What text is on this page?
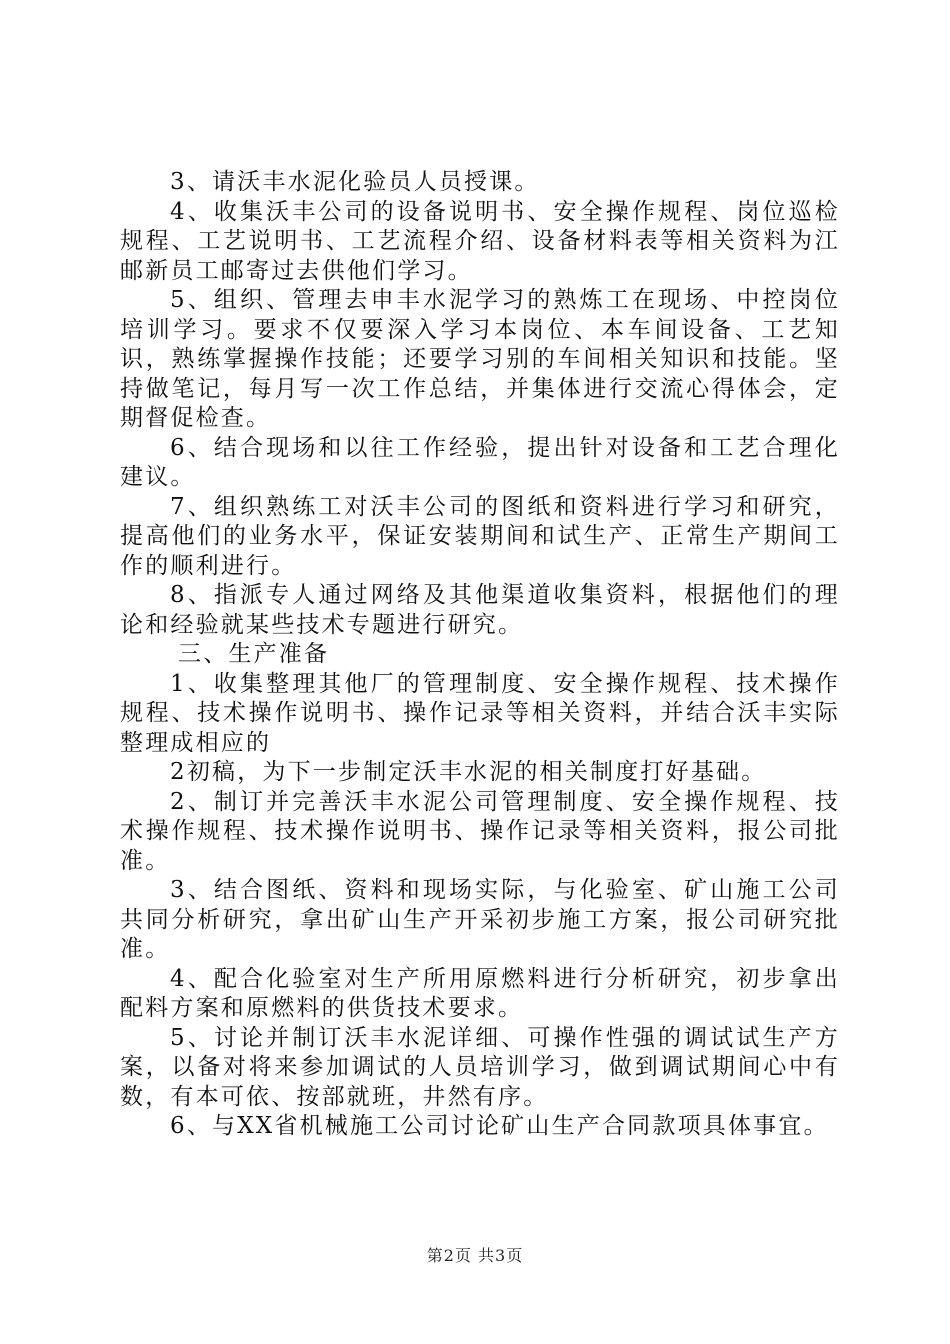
3、请沃丰水泥化验员人员授课。

4、收集沃丰公司的设备说明书、安全操作规程、岗位巡检规程、工艺说明书、工艺流程介绍、设备材料表等相关资料为江邮新员工邮寄过去供他们学习。

5、组织、管理去申丰水泥学习的熟炼工在现场、中控岗位培训学习。要求不仅要深入学习本岗位、本车间设备、工艺知识，熟练掌握操作技能；还要学习别的车间相关知识和技能。坚持做笔记，每月写一次工作总结，并集体进行交流心得体会，定期督促检查。

6、结合现场和以往工作经验，提出针对设备和工艺合理化建议。

7、组织熟练工对沃丰公司的图纸和资料进行学习和研究，提高他们的业务水平，保证安装期间和试生产、正常生产期间工作的顺利进行。

8、指派专人通过网络及其他渠道收集资料，根据他们的理论和经验就某些技术专题进行研究。

三、生产准备

1、收集整理其他厂的管理制度、安全操作规程、技术操作规程、技术操作说明书、操作记录等相关资料，并结合沃丰实际整理成相应的

2初稿，为下一步制定沃丰水泥的相关制度打好基础。

2、制订并完善沃丰水泥公司管理制度、安全操作规程、技术操作规程、技术操作说明书、操作记录等相关资料，报公司批准。

3、结合图纸、资料和现场实际，与化验室、矿山施工公司共同分析研究，拿出矿山生产开采初步施工方案，报公司研究批准。

4、配合化验室对生产所用原燃料进行分析研究，初步拿出配料方案和原燃料的供货技术要求。

5、讨论并制订沃丰水泥详细、可操作性强的调试试生产方案，以备对将来参加调试的人员培训学习，做到调试期间心中有数，有本可依、按部就班，井然有序。

6、与XX省机械施工公司讨论矿山生产合同款项具体事宜。

第2页 共3页
